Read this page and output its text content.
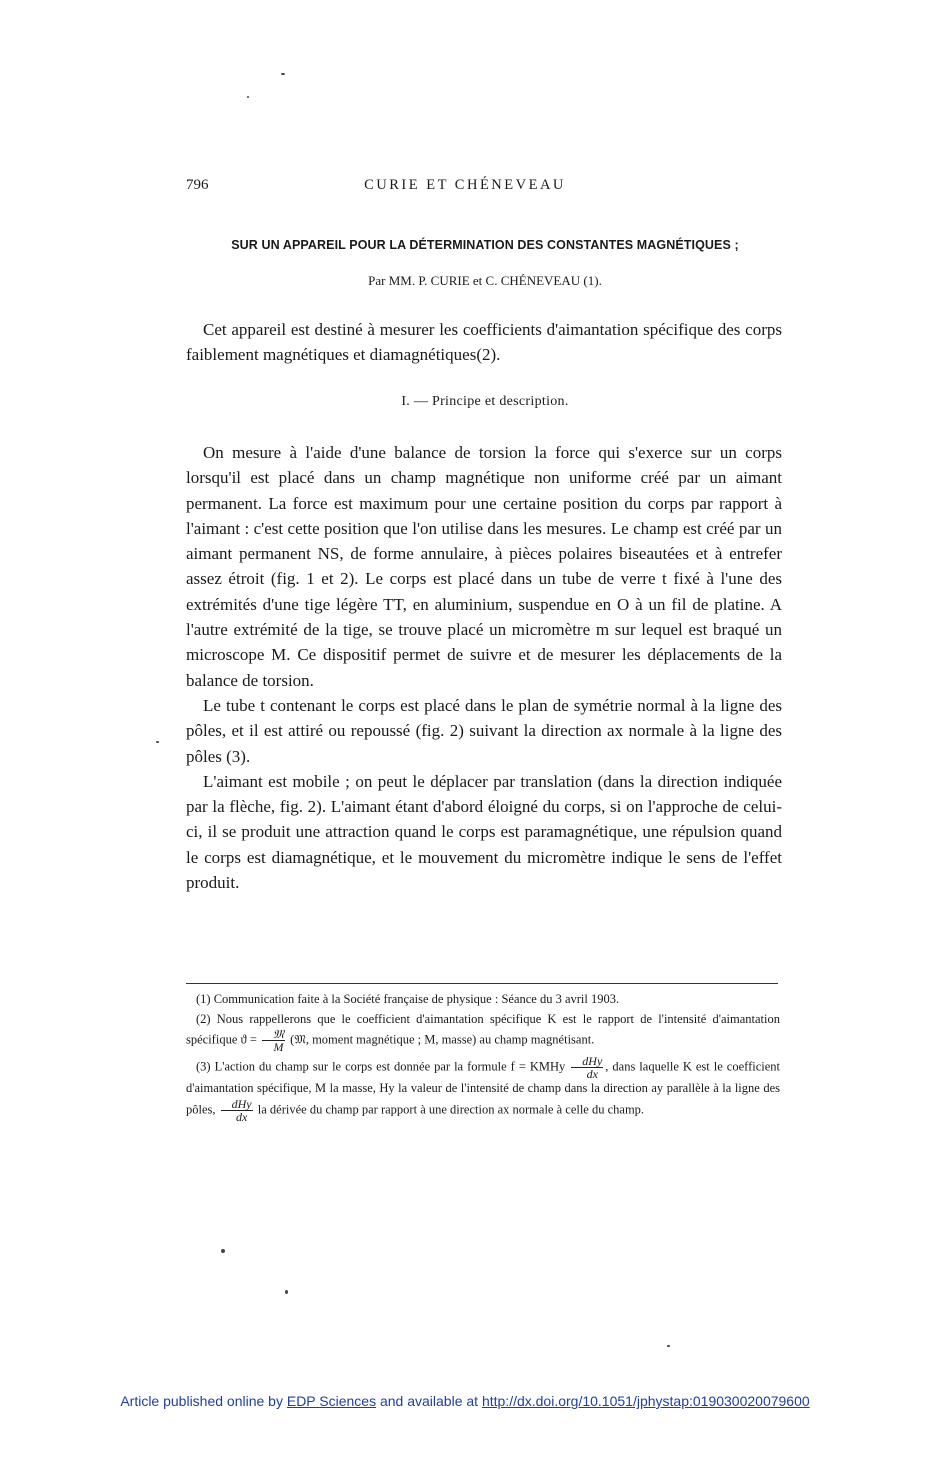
796	CURIE ET CHÉNEVEAU
SUR UN APPAREIL POUR LA DÉTERMINATION DES CONSTANTES MAGNÉTIQUES ;
Par MM. P. CURIE et C. CHÉNEVEAU (1).

Cet appareil est destiné à mesurer les coefficients d'aimantation spécifique des corps faiblement magnétiques et diamagnétiques(2).

I. — Principe et description.

On mesure à l'aide d'une balance de torsion la force qui s'exerce sur un corps lorsqu'il est placé dans un champ magnétique non uniforme créé par un aimant permanent. La force est maximum pour une certaine position du corps par rapport à l'aimant : c'est cette position que l'on utilise dans les mesures. Le champ est créé par un aimant permanent NS, de forme annulaire, à pièces polaires biseautées et à entrefer assez étroit (fig. 1 et 2). Le corps est placé dans un tube de verre t fixé à l'une des extrémités d'une tige légère TT, en aluminium, suspendue en O à un fil de platine. A l'autre extrémité de la tige, se trouve placé un micromètre m sur lequel est braqué un microscope M. Ce dispositif permet de suivre et de mesurer les déplacements de la balance de torsion.

Le tube t contenant le corps est placé dans le plan de symétrie normal à la ligne des pôles, et il est attiré ou repoussé (fig. 2) suivant la direction ax normale à la ligne des pôles (3).

L'aimant est mobile ; on peut le déplacer par translation (dans la direction indiquée par la flèche, fig. 2). L'aimant étant d'abord éloigné du corps, si on l'approche de celui-ci, il se produit une attraction quand le corps est paramagnétique, une répulsion quand le corps est diamagnétique, et le mouvement du micromètre indique le sens de l'effet produit.

(1) Communication faite à la Société française de physique : Séance du 3 avril 1903.

(2) Nous rappellerons que le coefficient d'aimantation spécifique K est le rapport de l'intensité d'aimantation spécifique $ϑ = \frac{\text{𝔐}}{M}$ (𝔐, moment magnétique ; M, masse) au champ magnétisant.

(3) L'action du champ sur le corps est donnée par la formule f = KMHy $\frac{\text{dHy}}{dx}$ , dans laquelle K est le coefficient d'aimantation spécifique, M la masse, Hy la valeur de l'intensité de champ dans la direction ay parallèle à la ligne des pôles, $\frac{\text{dHy}}{dx}$ la dérivée du champ par rapport à une direction ax normale à celle du champ.

Article published online by EDP Sciences and available at http://dx.doi.org/10.1051/jphystap:019030020079600
